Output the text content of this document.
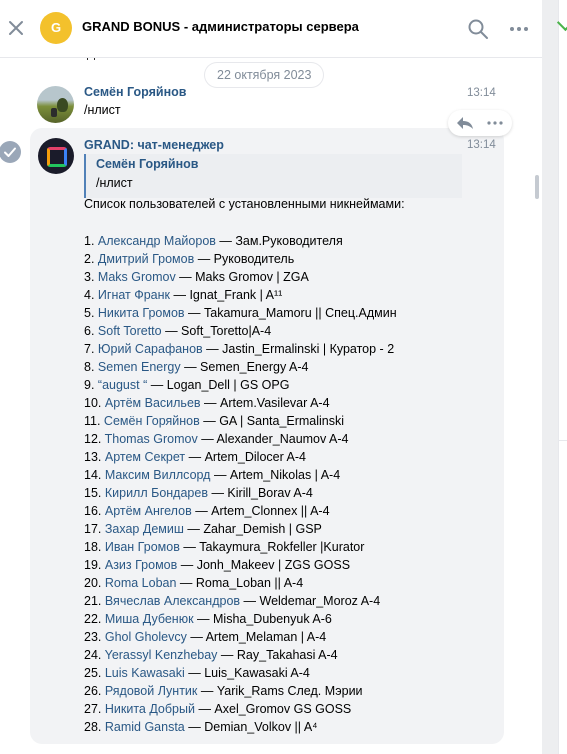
G	GRAND BONUS - администраторы сервера
22 октября 2023
Семён Горяйнов
/нлист
13:14
GRAND: чат-менеджер	13:14
Семён Горяйнов
/нлист
Список пользователей с установленными никнеймами:
1. Александр Майоров — Зам.Руководителя
2. Дмитрий Громов — Руководитель
3. Maks Gromov — Maks Gromov | ZGA
4. Игнат Франк — Ignat_Frank | A¹¹
5. Никита Громов — Takamura_Mamoru || Спец.Админ
6. Soft Toretto — Soft_Toretto|A-4
7. Юрий Сарафанов — Jastin_Ermalinski | Куратор - 2
8. Semen Energy — Semen_Energy A-4
9. “august “ — Logan_Dell | GS OPG
10. Артём Васильев — Artem.Vasilevar A-4
11. Семён Горяйнов — GA | Santa_Ermalinski
12. Thomas Gromov — Alexander_Naumov A-4
13. Артем Секрет — Artem_Dilocer A-4
14. Максим Виллсорд — Artem_Nikolas | A-4
15. Кирилл Бондарев — Kirill_Borav A-4
16. Артём Ангелов — Artem_Clonnex || A-4
17. Захар Демиш — Zahar_Demish | GSP
18. Иван Громов — Takaymura_Rokfeller |Kurator
19. Азиз Громов — Jonh_Makeev | ZGS GOSS
20. Roma Loban — Roma_Loban || A-4
21. Вячеслав Александров — Weldemar_Moroz A-4
22. Миша Дубенюк — Misha_Dubenyuk A-6
23. Ghol Gholevcy — Artem_Melaman | A-4
24. Yerassyl Kenzhebay — Ray_Takahasi A-4
25. Luis Kawasaki — Luis_Kawasaki A-4
26. Рядовой Лунтик — Yarik_Rams След. Мэрии
27. Никита Добрый — Axel_Gromov GS GOSS
28. Ramid Gansta — Demian_Volkov || A⁴
